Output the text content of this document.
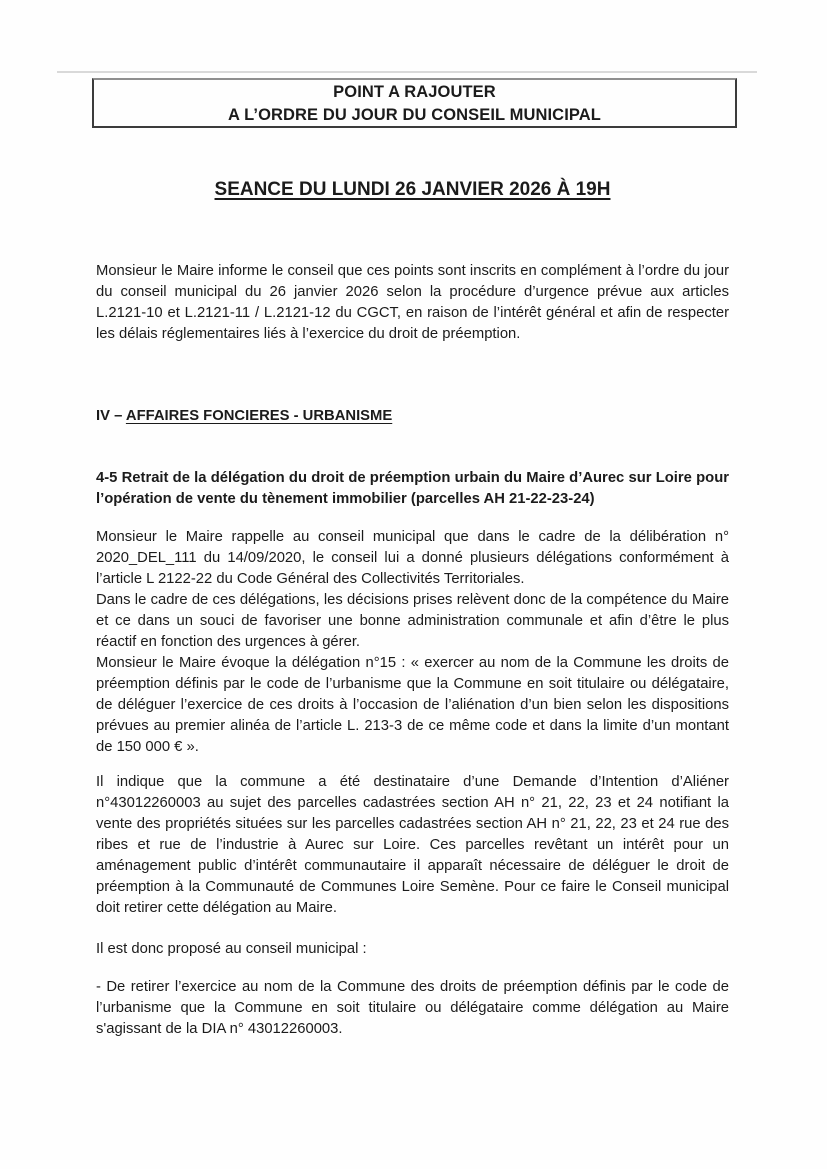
POINT A RAJOUTER
A L’ORDRE DU JOUR DU CONSEIL MUNICIPAL
SEANCE DU LUNDI 26 JANVIER 2026 À 19H

Monsieur le Maire informe le conseil que ces points sont inscrits en complément à l’ordre du jour du conseil municipal du 26 janvier 2026 selon la procédure d’urgence prévue aux articles L.2121-10 et L.2121-11 / L.2121-12 du CGCT, en raison de l’intérêt général et afin de respecter les délais réglementaires liés à l’exercice du droit de préemption.

IV – AFFAIRES FONCIERES - URBANISME

4-5 Retrait de la délégation du droit de préemption urbain du Maire d’Aurec sur Loire pour l’opération de vente du tènement immobilier (parcelles AH 21-22-23-24)

Monsieur le Maire rappelle au conseil municipal que dans le cadre de la délibération n° 2020_DEL_111 du 14/09/2020, le conseil lui a donné plusieurs délégations conformément à l’article L 2122-22 du Code Général des Collectivités Territoriales.

Dans le cadre de ces délégations, les décisions prises relèvent donc de la compétence du Maire et ce dans un souci de favoriser une bonne administration communale et afin d’être le plus réactif en fonction des urgences à gérer.

Monsieur le Maire évoque la délégation n°15 : « exercer au nom de la Commune les droits de préemption définis par le code de l’urbanisme que la Commune en soit titulaire ou délégataire, de déléguer l’exercice de ces droits à l’occasion de l’aliénation d’un bien selon les dispositions prévues au premier alinéa de l’article L. 213-3 de ce même code et dans la limite d’un montant de 150 000 € ».

Il indique que la commune a été destinataire d’une Demande d’Intention d’Aliéner n°43012260003 au sujet des parcelles cadastrées section AH n° 21, 22, 23 et 24 notifiant la vente des propriétés situées sur les parcelles cadastrées section AH n° 21, 22, 23 et 24 rue des ribes et rue de l’industrie à Aurec sur Loire. Ces parcelles revêtant un intérêt pour un aménagement public d’intérêt communautaire il apparaît nécessaire de déléguer le droit de préemption à la Communauté de Communes Loire Semène. Pour ce faire le Conseil municipal doit retirer cette délégation au Maire.

Il est donc proposé au conseil municipal :

- De retirer l’exercice au nom de la Commune des droits de préemption définis par le code de l’urbanisme que la Commune en soit titulaire ou délégataire comme délégation au Maire s'agissant de la DIA n° 43012260003.
